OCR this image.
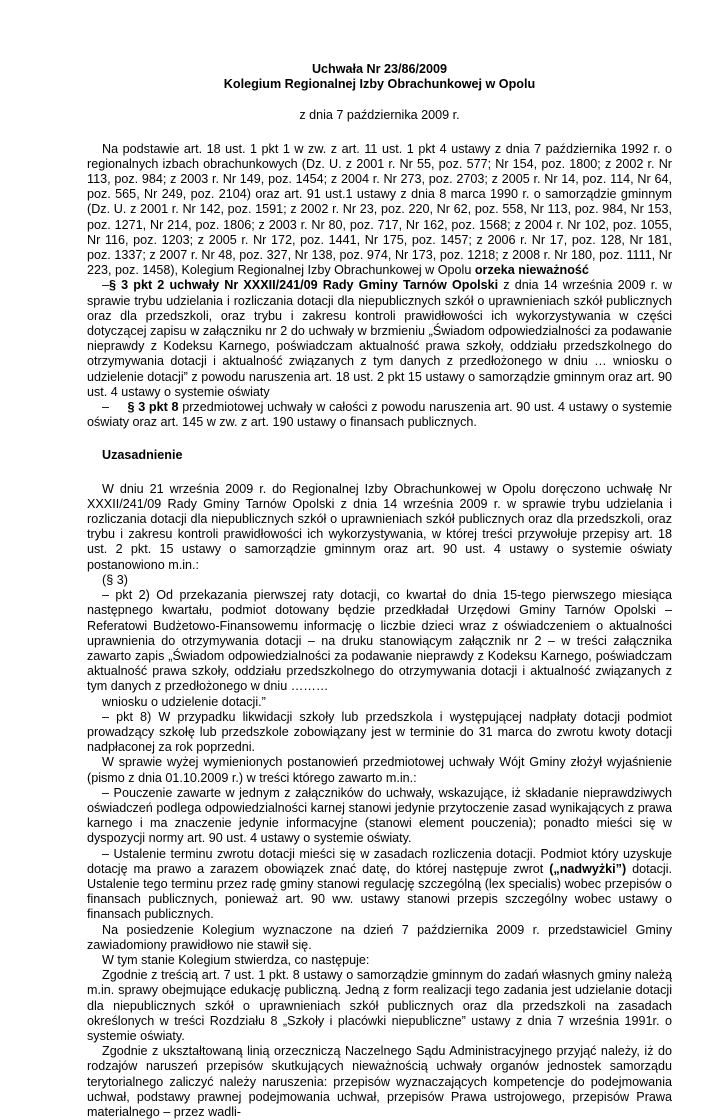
Uchwała Nr 23/86/2009
Kolegium Regionalnej Izby Obrachunkowej w Opolu
z dnia 7 października 2009 r.

Na podstawie art. 18 ust. 1 pkt 1 w zw. z art. 11 ust. 1 pkt 4 ustawy z dnia 7 października 1992 r. o regionalnych izbach obrachunkowych (Dz. U. z 2001 r. Nr 55, poz. 577; Nr 154, poz. 1800; z 2002 r. Nr 113, poz. 984; z 2003 r. Nr 149, poz. 1454; z 2004 r. Nr 273, poz. 2703; z 2005 r. Nr 14, poz. 114, Nr 64, poz. 565, Nr 249, poz. 2104) oraz art. 91 ust.1 ustawy z dnia 8 marca 1990 r. o samorządzie gminnym (Dz. U. z 2001 r. Nr 142, poz. 1591; z 2002 r. Nr 23, poz. 220, Nr 62, poz. 558, Nr 113, poz. 984, Nr 153, poz. 1271, Nr 214, poz. 1806; z 2003 r. Nr 80, poz. 717, Nr 162, poz. 1568; z 2004 r. Nr 102, poz. 1055, Nr 116, poz. 1203; z 2005 r. Nr 172, poz. 1441, Nr 175, poz. 1457; z 2006 r. Nr 17, poz. 128, Nr 181, poz. 1337; z 2007 r. Nr 48, poz. 327, Nr 138, poz. 974, Nr 173, poz. 1218; z 2008 r. Nr 180, poz. 1111, Nr 223, poz. 1458), Kolegium Regionalnej Izby Obrachunkowej w Opolu orzeka nieważność

–§ 3 pkt 2 uchwały Nr XXXII/241/09 Rady Gminy Tarnów Opolski z dnia 14 września 2009 r. w sprawie trybu udzielania i rozliczania dotacji dla niepublicznych szkół o uprawnieniach szkół publicznych oraz dla przedszkoli, oraz trybu i zakresu kontroli prawidłowości ich wykorzystywania w części dotyczącej zapisu w załączniku nr 2 do uchwały w brzmieniu „Świadom odpowiedzialności za podawanie nieprawdy z Kodeksu Karnego, poświadczam aktualność prawa szkoły, oddziału przedszkolnego do otrzymywania dotacji i aktualność związanych z tym danych z przedłożonego w dniu … wniosku o udzielenie dotacji” z powodu naruszenia art. 18 ust. 2 pkt 15 ustawy o samorządzie gminnym oraz art. 90 ust. 4 ustawy o systemie oświaty

– § 3 pkt 8 przedmiotowej uchwały w całości z powodu naruszenia art. 90 ust. 4 ustawy o systemie oświaty oraz art. 145 w zw. z art. 190 ustawy o finansach publicznych.

Uzasadnienie

W dniu 21 września 2009 r. do Regionalnej Izby Obrachunkowej w Opolu doręczono uchwałę Nr XXXII/241/09 Rady Gminy Tarnów Opolski z dnia 14 września 2009 r. w sprawie trybu udzielania i rozliczania dotacji dla niepublicznych szkół o uprawnieniach szkół publicznych oraz dla przedszkoli, oraz trybu i zakresu kontroli prawidłowości ich wykorzystywania, w której treści przywołuje przepisy art. 18 ust. 2 pkt. 15 ustawy o samorządzie gminnym oraz art. 90 ust. 4 ustawy o systemie oświaty postanowiono m.in.:

(§ 3)

– pkt 2) Od przekazania pierwszej raty dotacji, co kwartał do dnia 15-tego pierwszego miesiąca następnego kwartału, podmiot dotowany będzie przedkładał Urzędowi Gminy Tarnów Opolski – Referatowi Budżetowo-Finansowemu informację o liczbie dzieci wraz z oświadczeniem o aktualności uprawnienia do otrzymywania dotacji – na druku stanowiącym załącznik nr 2 – w treści załącznika zawarto zapis „Świadom odpowiedzialności za podawanie nieprawdy z Kodeksu Karnego, poświadczam aktualność prawa szkoły, oddziału przedszkolnego do otrzymywania dotacji i aktualność związanych z tym danych z przedłożonego w dniu ………

wniosku o udzielenie dotacji.”

– pkt 8) W przypadku likwidacji szkoły lub przedszkola i występującej nadpłaty dotacji podmiot prowadzący szkołę lub przedszkole zobowiązany jest w terminie do 31 marca do zwrotu kwoty dotacji nadpłaconej za rok poprzedni.

W sprawie wyżej wymienionych postanowień przedmiotowej uchwały Wójt Gminy złożył wyjaśnienie (pismo z dnia 01.10.2009 r.) w treści którego zawarto m.in.:

– Pouczenie zawarte w jednym z załączników do uchwały, wskazujące, iż składanie nieprawdziwych oświadczeń podlega odpowiedzialności karnej stanowi jedynie przytoczenie zasad wynikających z prawa karnego i ma znaczenie jedynie informacyjne (stanowi element pouczenia); ponadto mieści się w dyspozycji normy art. 90 ust. 4 ustawy o systemie oświaty.

– Ustalenie terminu zwrotu dotacji mieści się w zasadach rozliczenia dotacji. Podmiot który uzyskuje dotację ma prawo a zarazem obowiązek znać datę, do której następuje zwrot („nadwyżki”) dotacji. Ustalenie tego terminu przez radę gminy stanowi regulację szczególną (lex specialis) wobec przepisów o finansach publicznych, ponieważ art. 90 ww. ustawy stanowi przepis szczególny wobec ustawy o finansach publicznych.

Na posiedzenie Kolegium wyznaczone na dzień 7 października 2009 r. przedstawiciel Gminy zawiadomiony prawidłowo nie stawił się.

W tym stanie Kolegium stwierdza, co następuje:

Zgodnie z treścią art. 7 ust. 1 pkt. 8 ustawy o samorządzie gminnym do zadań własnych gminy należą m.in. sprawy obejmujące edukację publiczną. Jedną z form realizacji tego zadania jest udzielanie dotacji dla niepublicznych szkół o uprawnieniach szkół publicznych oraz dla przedszkoli na zasadach określonych w treści Rozdziału 8 „Szkoły i placówki niepubliczne” ustawy z dnia 7 września 1991r. o systemie oświaty.

Zgodnie z ukształtowaną linią orzeczniczą Naczelnego Sądu Administracyjnego przyjąć należy, iż do rodzajów naruszeń przepisów skutkujących nieważnością uchwały organów jednostek samorządu terytorialnego zaliczyć należy naruszenia: przepisów wyznaczających kompetencje do podejmowania uchwał, podstawy prawnej podejmowania uchwał, przepisów Prawa ustrojowego, przepisów Prawa materialnego – przez wadli-
